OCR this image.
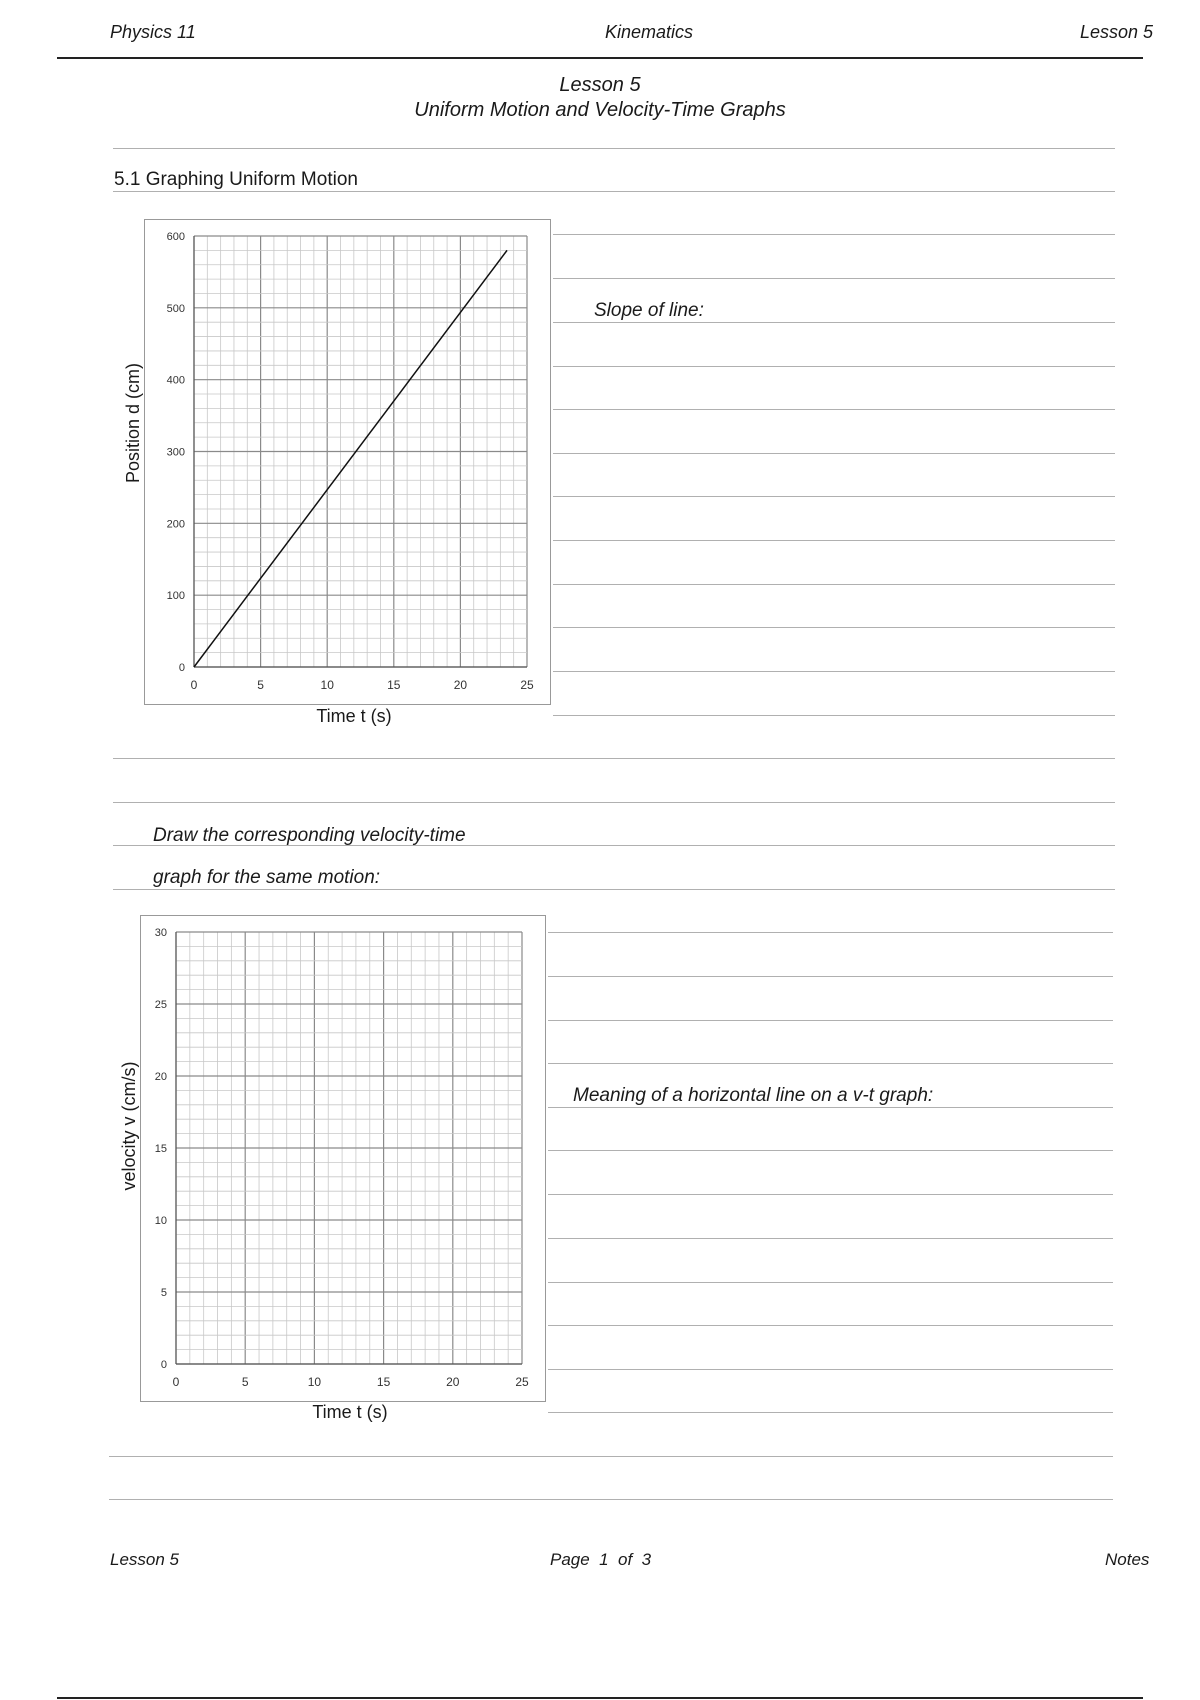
Physics 11	Kinematics	Lesson 5
Lesson 5
Uniform Motion and Velocity-Time Graphs
5.1 Graphing Uniform Motion
0	5	10	15	20	25
0
100
200
300
400
500
600
Position d (cm)
Time t (s)
Slope of line:
Draw the corresponding velocity-time
graph for the same motion:
0	5	10	15	20	25
0
5
10
15
20
25
30
velocity v (cm/s)
Time t (s)
Meaning of a horizontal line on a v-t graph:
Lesson 5	Page  1  of  3	Notes
